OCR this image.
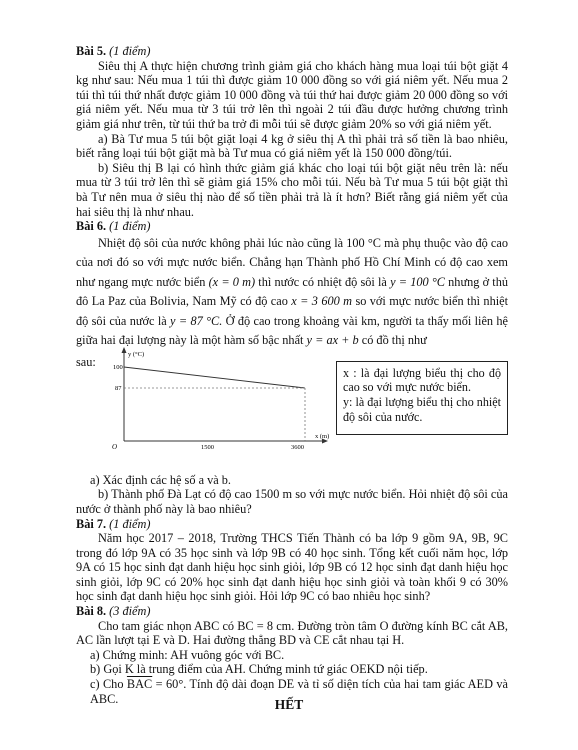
Bài 5. (1 điểm)

Siêu thị A thực hiện chương trình giảm giá cho khách hàng mua loại túi bột giặt 4 kg như sau: Nếu mua 1 túi thì được giảm 10 000 đồng so với giá niêm yết. Nếu mua 2 túi thì túi thứ nhất được giảm 10 000 đồng và túi thứ hai được giảm 20 000 đồng so với giá niêm yết. Nếu mua từ 3 túi trở lên thì ngoài 2 túi đầu được hưởng chương trình giảm giá như trên, từ túi thứ ba trở đi mỗi túi sẽ được giảm 20% so với giá niêm yết.

a) Bà Tư mua 5 túi bột giặt loại 4 kg ở siêu thị A thì phải trả số tiền là bao nhiêu, biết rằng loại túi bột giặt mà bà Tư mua có giá niêm yết là 150 000 đồng/túi.

b) Siêu thị B lại có hình thức giảm giá khác cho loại túi bột giặt nêu trên là: nếu mua từ 3 túi trở lên thì sẽ giảm giá 15% cho mỗi túi. Nếu bà Tư mua 5 túi bột giặt thì bà Tư nên mua ở siêu thị nào để số tiền phải trả là ít hơn? Biết rằng giá niêm yết của hai siêu thị là như nhau.

Bài 6. (1 điểm)

Nhiệt độ sôi của nước không phải lúc nào cũng là 100 °C mà phụ thuộc vào độ cao của nơi đó so với mực nước biển. Chẳng hạn Thành phố Hồ Chí Minh có độ cao xem như ngang mực nước biển (x = 0 m) thì nước có nhiệt độ sôi là y = 100 °C nhưng ở thủ đô La Paz của Bolivia, Nam Mỹ có độ cao x = 3 600 m so với mực nước biển thì nhiệt độ sôi của nước là y = 87 °C. Ở độ cao trong khoảng vài km, người ta thấy mối liên hệ giữa hai đại lượng này là một hàm số bậc nhất y = ax + b có đồ thị như

sau:
y (°C)
x (m)
100
87
O	1500	3600
x : là đại lượng biểu thị cho độ cao so với mực nước biển.
y: là đại lượng biểu thị cho nhiệt độ sôi của nước.

a) Xác định các hệ số a và b.

b) Thành phố Đà Lạt có độ cao 1500 m so với mực nước biển. Hỏi nhiệt độ sôi của nước ở thành phố này là bao nhiêu?

Bài 7. (1 điểm)

Năm học 2017 – 2018, Trường THCS Tiến Thành có ba lớp 9 gồm 9A, 9B, 9C trong đó lớp 9A có 35 học sinh và lớp 9B có 40 học sinh. Tổng kết cuối năm học, lớp 9A có 15 học sinh đạt danh hiệu học sinh giỏi, lớp 9B có 12 học sinh đạt danh hiệu học sinh giỏi, lớp 9C có 20% học sinh đạt danh hiệu học sinh giỏi và toàn khối 9 có 30% học sinh đạt danh hiệu học sinh giỏi. Hỏi lớp 9C có bao nhiêu học sinh?

Bài 8. (3 điểm)

Cho tam giác nhọn ABC có BC = 8 cm. Đường tròn tâm O đường kính BC cắt AB, AC lần lượt tại E và D. Hai đường thẳng BD và CE cắt nhau tại H.

a) Chứng minh: AH vuông góc với BC.

b) Gọi K là trung điểm của AH. Chứng minh tứ giác OEKD nội tiếp.

c) Cho $\overline{BAC} = 60^\circ$. Tính độ dài đoạn DE và tỉ số diện tích của hai tam giác AED và ABC.	HẾT
